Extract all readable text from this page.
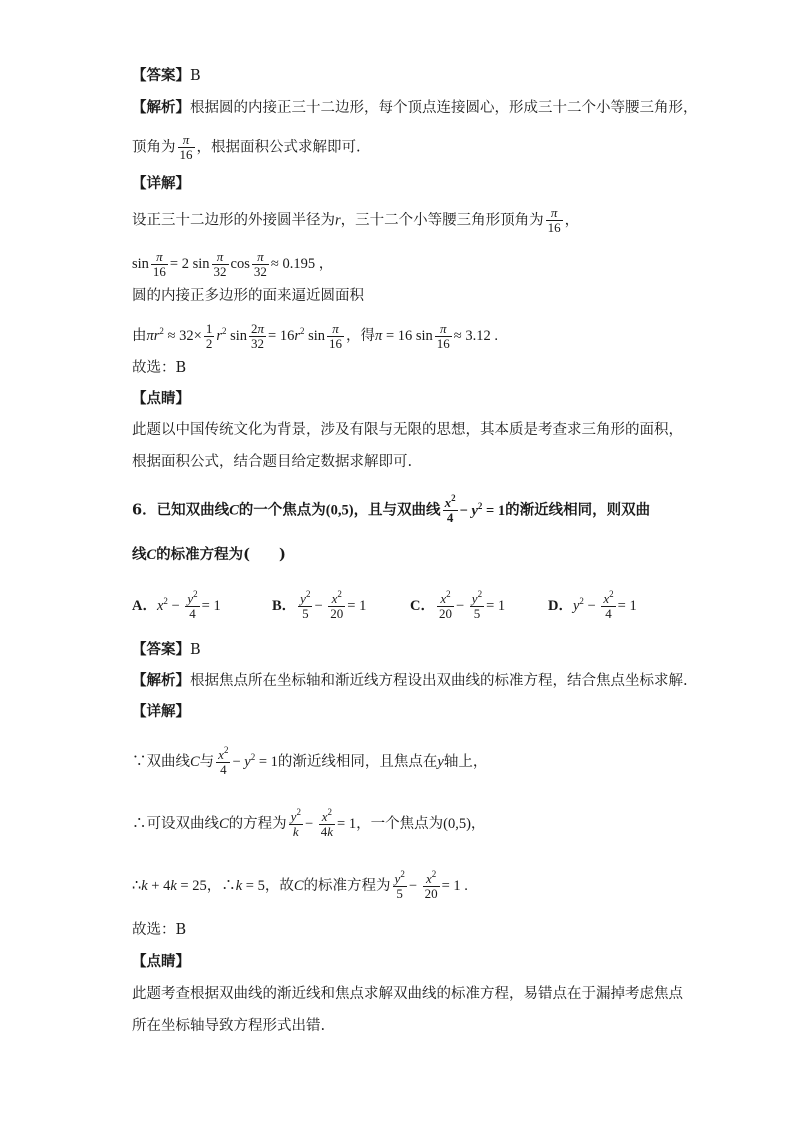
【答案】B
【解析】根据圆的内接正三十二边形，每个顶点连接圆心，形成三十二个小等腰三角形，
顶角为 $\frac{\pi}{16}$ ，根据面积公式求解即可.
【详解】
设正三十二边形的外接圆半径为r，三十二个小等腰三角形顶角为 $\frac{\pi}{16}$ ，
$\sin \frac{\pi}{16} = 2$ $\sin \frac{\pi}{32}$ $\cos \frac{\pi}{32} \approx 0.195$ ，
圆的内接正多边形的面来逼近圆面积
由$\pi r^2 \approx 32\times \frac{1}{2} r^2$ $\sin \frac{2\pi}{32} = 16r^2$ $\sin \frac{\pi}{16}$ ，得π = 16 $\sin \frac{\pi}{16} \approx 3.12$ .
故选：B
【点睛】
此题以中国传统文化为背景，涉及有限与无限的思想，其本质是考查求三角形的面积，
根据面积公式，结合题目给定数据求解即可.
6．已知双曲线C的一个焦点为(0,5)，且与双曲线 $\frac{x^2}{4} - y^2 = 1$的渐近线相同，则双曲
线C的标准方程为(　　)
A．$x^2 - \frac{y^2}{4} = 1$	B． $\frac{y^2}{5} - \frac{x^2}{20} = 1$	C． $\frac{x^2}{20} - \frac{y^2}{5} = 1$	D．$y^2 - \frac{x^2}{4} = 1$
【答案】B
【解析】根据焦点所在坐标轴和渐近线方程设出双曲线的标准方程，结合焦点坐标求解.
【详解】
∵双曲线C与 $\frac{x^2}{4} - y^2 = 1$的渐近线相同，且焦点在y轴上，
∴可设双曲线C的方程为 $\frac{y^2}{k} - \frac{x^2}{4k} = 1$，一个焦点为(0,5)，
∴k + 4k = 25，∴k = 5，故C的标准方程为 $\frac{y^2}{5} - \frac{x^2}{20} = 1$ .
故选：B
【点睛】
此题考查根据双曲线的渐近线和焦点求解双曲线的标准方程，易错点在于漏掉考虑焦点
所在坐标轴导致方程形式出错.
